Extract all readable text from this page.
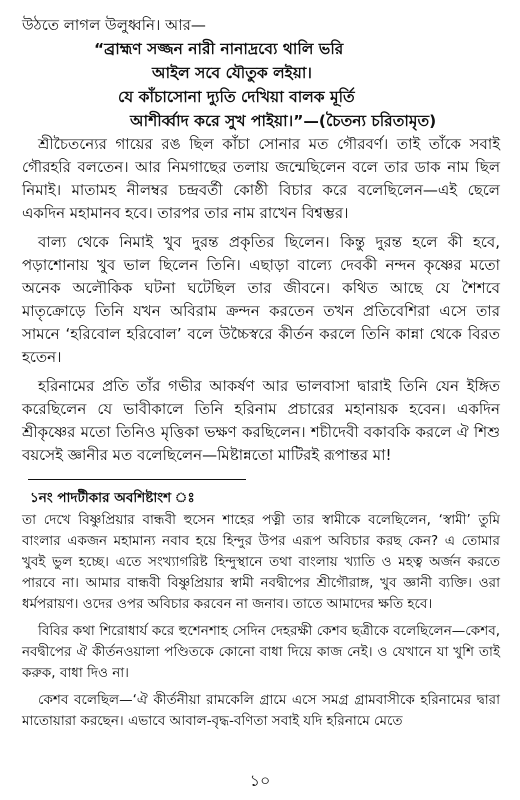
উঠতে লাগল উলুধ্বনি। আর—

“ব্রাহ্মণ সজ্জন নারী নানাদ্রব্যে থালি ভরি
আইল সবে যৌতুক লইয়া।
যে কাঁচাসোনা দ্যুতি দেখিয়া বালক মূর্তি
আশীর্ব্বাদ করে সুখ পাইয়া।”—(চৈতন্য চরিতামৃত)

শ্রীচৈতন্যের গায়ের রঙ ছিল কাঁচা সোনার মত গৌরবর্ণ। তাই তাঁকে সবাই গৌরহরি বলতেন। আর নিমগাছের তলায় জন্মেছিলেন বলে তার ডাক নাম ছিল নিমাই। মাতামহ নীলম্বর চন্দ্রবর্তী কোষ্ঠী বিচার করে বলেছিলেন—এই ছেলে একদিন মহামানব হবে। তারপর তার নাম রাখেন বিশ্বম্ভর।

বাল্য থেকে নিমাই খুব দুরন্ত প্রকৃতির ছিলেন। কিন্তু দুরন্ত হলে কী হবে, পড়াশোনায় খুব ভাল ছিলেন তিনি। এছাড়া বাল্যে দেবকী নন্দন কৃষ্ণের মতো অনেক অলৌকিক ঘটনা ঘটেছিল তার জীবনে। কথিত আছে যে শৈশবে মাতৃক্রোড়ে তিনি যখন অবিরাম ক্রন্দন করতেন তখন প্রতিবেশিরা এসে তার সামনে ‘হরিবোল হরিবোল’ বলে উচ্চৈস্বরে কীর্তন করলে তিনি কান্না থেকে বিরত হতেন।

হরিনামের প্রতি তাঁর গভীর আকর্ষণ আর ভালবাসা দ্বারাই তিনি যেন ইঙ্গিত করেছিলেন যে ভাবীকালে তিনি হরিনাম প্রচারের মহানায়ক হবেন। একদিন শ্রীকৃষ্ণের মতো তিনিও মৃত্তিকা ভক্ষণ করছিলেন। শচীদেবী বকাবকি করলে ঐ শিশু বয়সেই জ্ঞানীর মত বলেছিলেন—মিষ্টান্নতো মাটিরই রূপান্তর মা!

১নং পাদটীকার অবশিষ্টাংশ ঃ

তা দেখে বিষ্ণুপ্রিয়ার বান্ধবী হুসেন শাহের পত্নী তার স্বামীকে বলেছিলেন, ‘স্বামী’ তুমি বাংলার একজন মহামান্য নবাব হয়ে হিন্দুর উপর এরূপ অবিচার করছ কেন? এ তোমার খুবই ভুল হচ্ছে। এতে সংখ্যাগরিষ্ট হিন্দুস্থানে তথা বাংলায় খ্যাতি ও মহত্ব অর্জন করতে পারবে না। আমার বান্ধবী বিষ্ণুপ্রিয়ার স্বামী নবদ্বীপের শ্রীগৌরাঙ্গ, খুব জ্ঞানী ব্যক্তি। ওরা ধর্মপরায়ণ। ওদের ওপর অবিচার করবেন না জনাব। তাতে আমাদের ক্ষতি হবে।

বিবির কথা শিরোধার্য করে হুশেনশাহ সেদিন দেহরক্ষী কেশব ছত্রীকে বলেছিলেন—কেশব, নবদ্বীপের ঐ কীর্তনওয়ালা পণ্ডিতকে কোনো বাধা দিয়ে কাজ নেই। ও যেখানে যা খুশি তাই করুক, বাধা দিও না।

কেশব বলেছিল—‘ঐ কীর্তনীয়া রামকেলি গ্রামে এসে সমগ্র গ্রামবাসীকে হরিনামের দ্বারা মাতোয়ারা করছেন। এভাবে আবাল-বৃদ্ধ-বণিতা সবাই যদি হরিনামে মেতে

১০
